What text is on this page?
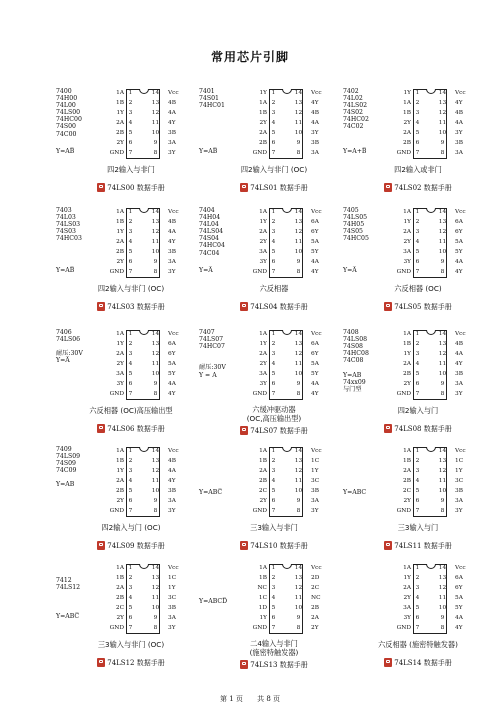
常用芯片引脚
7400
74H00
74L00
74LS00
74HC00
74S00
74C00
Y=AB̅
1A 1	14 Vcc
1B 2	13 4B
1Y 3	12 4A
2A 4	11 4Y
2B 5	10 3B
2Y 6	9	3A
GND 7	8	3Y
四2输入与非门
74LS00 数据手册
7401
74S01
74HC01
Y=AB̅
1Y 1	14 Vcc
1A 2	13 4Y
1B 3	12 4B
2Y 4	11 4A
2A 5	10 3Y
2B 6	9	3B
GND 7	8	3A
四2输入与非门 (OC)
74LS01 数据手册
7402
74L02
74LS02
74S02
74HC02
74C02
Y=A+B̅
1Y 1	14 Vcc
1A 2	13 4Y
1B 3	12 4B
2Y 4	11 4A
2A 5	10 3Y
2B 6	9	3B
GND 7	8	3A
四2输入或非门
74LS02 数据手册
7403
74L03
74LS03
74S03
74HC03
Y=AB̅
1A 1	14 Vcc
1B 2	13 4B
1Y 3	12 4A
2A 4	11 4Y
2B 5	10 3B
2Y 6	9	3A
GND 7	8	3Y
四2输入与非门 (OC)
74LS03 数据手册
7404
74H04
74L04
74LS04
74S04
74HC04
74C04
Y=A̅
1A 1	14 Vcc
1Y 2	13 6A
2A 3	12 6Y
2Y 4	11 5A
3A 5	10 5Y
3Y 6	9	4A
GND 7	8	4Y
六反相器
74LS04 数据手册
7405
74LS05
74H05
74S05
74HC05
Y=A̅
1A 1	14 Vcc
1Y 2	13 6A
2A 3	12 6Y
2Y 4	11 5A
3A 5	10 5Y
3Y 6	9	4A
GND 7	8	4Y
六反相器 (OC)
74LS05 数据手册
7406
74LS06

耐压:30V
Y=A̅
1A 1	14 Vcc
1Y 2	13 6A
2A 3	12 6Y
2Y 4	11 5A
3A 5	10 5Y
3Y 6	9	4A
GND 7	8	4Y
六反相器 (OC)高压输出型
74LS06 数据手册
7407
74LS07
74HC07

耐压:30V
Y = A
1A 1	14 Vcc
1Y 2	13 6A
2A 3	12 6Y
2Y 4	11 5A
3A 5	10 5Y
3Y 6	9	4A
GND 7	8	4Y
六缓冲驱动器
(OC,高压输出型)
74LS07 数据手册
7408
74LS08
74S08
74HC08
74C08

Y=AB
74xx09
与门型
1A 1	14 Vcc
1B 2	13 4B
1Y 3	12 4A
2A 4	11 4Y
2B 5	10 3B
2Y 6	9	3A
GND 7	8	3Y
四2输入与门
74LS08 数据手册
7409
74LS09
74S09
74C09

Y=AB
1A 1	14 Vcc
1B 2	13 4B
1Y 3	12 4A
2A 4	11 4Y
2B 5	10 3B
2Y 6	9	3A
GND 7	8	3Y
四2输入与门 (OC)
74LS09 数据手册

Y=ABC̅
1A 1	14 Vcc
1B 2	13 1C
2A 3	12 1Y
2B 4	11 3C
2C 5	10 3B
2Y 6	9	3A
GND 7	8	3Y
三3输入与非门
74LS10 数据手册

Y=ABC
1A 1	14 Vcc
1B 2	13 1C
2A 3	12 1Y
2B 4	11 3C
2C 5	10 3B
2Y 6	9	3A
GND 7	8	3Y
三3输入与门
74LS11 数据手册

7412
74LS12

Y=ABC̅
1A 1	14 Vcc
1B 2	13 1C
2A 3	12 1Y
2B 4	11 3C
2C 5	10 3B
2Y 6	9	3A
GND 7	8	3Y
三3输入与非门 (OC)
74LS12 数据手册

Y=ABCD̅
1A 1	14 Vcc
1B 2	13 2D
NC 3	12 2C
1C 4	11 NC
1D 5	10 2B
1Y 6	9	2A
GND 7	8	2Y
二4输入与非门
(施密特触发器)
74LS13 数据手册
1A 1	14 Vcc
1Y 2	13 6A
2A 3	12 6Y
2Y 4	11 5A
3A 5	10 5Y
3Y 6	9	4A
GND 7	8	4Y
六反相器 (施密特触发器)
74LS14 数据手册
第 1 页 共 8 页
